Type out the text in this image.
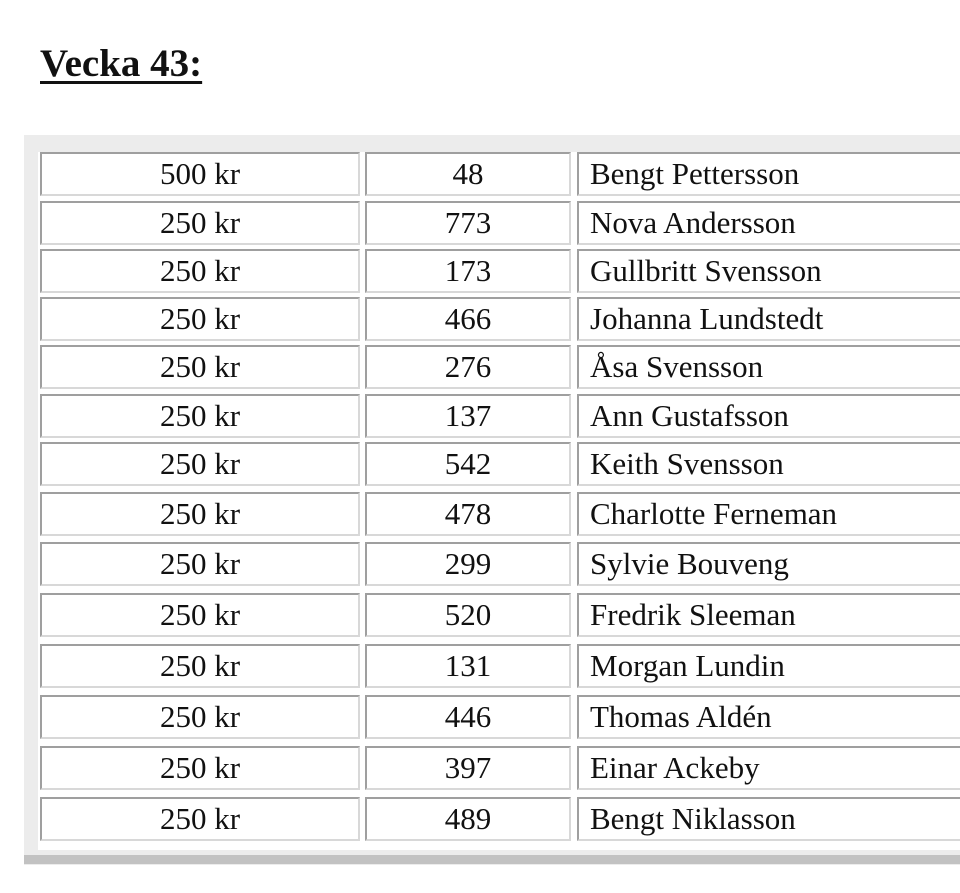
Vecka 43:
500 kr	48	Bengt Pettersson
250 kr	773	Nova Andersson
250 kr	173	Gullbritt Svensson
250 kr	466	Johanna Lundstedt
250 kr	276	Åsa Svensson
250 kr	137	Ann Gustafsson
250 kr	542	Keith Svensson
250 kr	478	Charlotte Ferneman
250 kr	299	Sylvie Bouveng
250 kr	520	Fredrik Sleeman
250 kr	131	Morgan Lundin
250 kr	446	Thomas Aldén
250 kr	397	Einar Ackeby
250 kr	489	Bengt Niklasson
